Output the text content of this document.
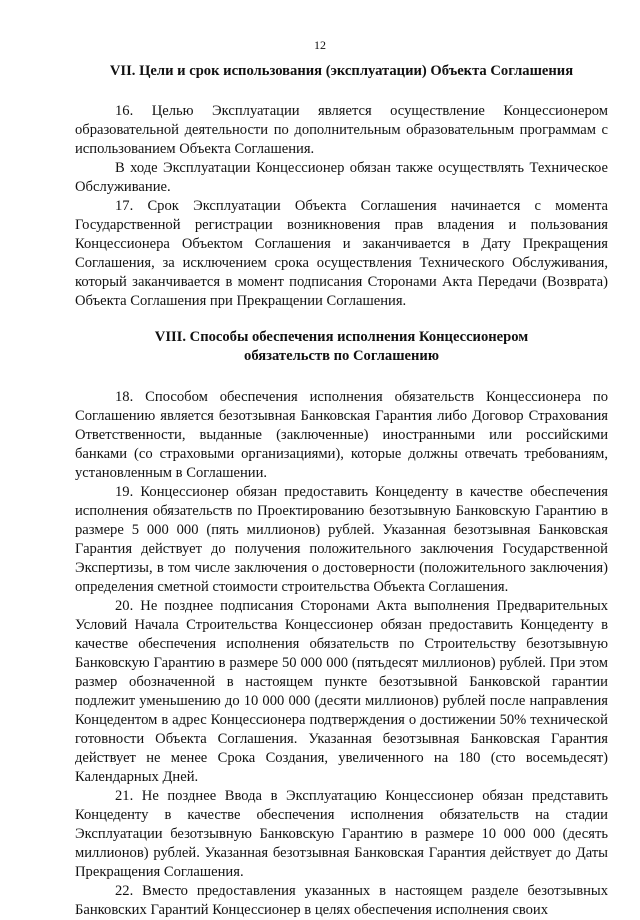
12
VII. Цели и срок использования (эксплуатации) Объекта Соглашения

16. Целью Эксплуатации является осуществление Концессионером образовательной деятельности по дополнительным образовательным программам с использованием Объекта Соглашения.

В ходе Эксплуатации Концессионер обязан также осуществлять Техническое Обслуживание.

17. Срок Эксплуатации Объекта Соглашения начинается с момента Государственной регистрации возникновения прав владения и пользования Концессионера Объектом Соглашения и заканчивается в Дату Прекращения Соглашения, за исключением срока осуществления Технического Обслуживания, который заканчивается в момент подписания Сторонами Акта Передачи (Возврата) Объекта Соглашения при Прекращении Соглашения.

VIII. Способы обеспечения исполнения Концессионером
обязательств по Соглашению

18. Способом обеспечения исполнения обязательств Концессионера по Соглашению является безотзывная Банковская Гарантия либо Договор Страхования Ответственности, выданные (заключенные) иностранными или российскими банками (со страховыми организациями), которые должны отвечать требованиям, установленным в Соглашении.

19. Концессионер обязан предоставить Концеденту в качестве обеспечения исполнения обязательств по Проектированию безотзывную Банковскую Гарантию в размере 5 000 000 (пять миллионов) рублей. Указанная безотзывная Банковская Гарантия действует до получения положительного заключения Государственной Экспертизы, в том числе заключения о достоверности (положительного заключения) определения сметной стоимости строительства Объекта Соглашения.

20. Не позднее подписания Сторонами Акта выполнения Предварительных Условий Начала Строительства Концессионер обязан предоставить Концеденту в качестве обеспечения исполнения обязательств по Строительству безотзывную Банковскую Гарантию в размере 50 000 000 (пятьдесят миллионов) рублей. При этом размер обозначенной в настоящем пункте безотзывной Банковской гарантии подлежит уменьшению до 10 000 000 (десяти миллионов) рублей после направления Концедентом в адрес Концессионера подтверждения о достижении 50% технической готовности Объекта Соглашения. Указанная безотзывная Банковская Гарантия действует не менее Срока Создания, увеличенного на 180 (сто восемьдесят) Календарных Дней.

21. Не позднее Ввода в Эксплуатацию Концессионер обязан представить Концеденту в качестве обеспечения исполнения обязательств на стадии Эксплуатации безотзывную Банковскую Гарантию в размере 10 000 000 (десять миллионов) рублей. Указанная безотзывная Банковская Гарантия действует до Даты Прекращения Соглашения.

22. Вместо предоставления указанных в настоящем разделе безотзывных Банковских Гарантий Концессионер в целях обеспечения исполнения своих
